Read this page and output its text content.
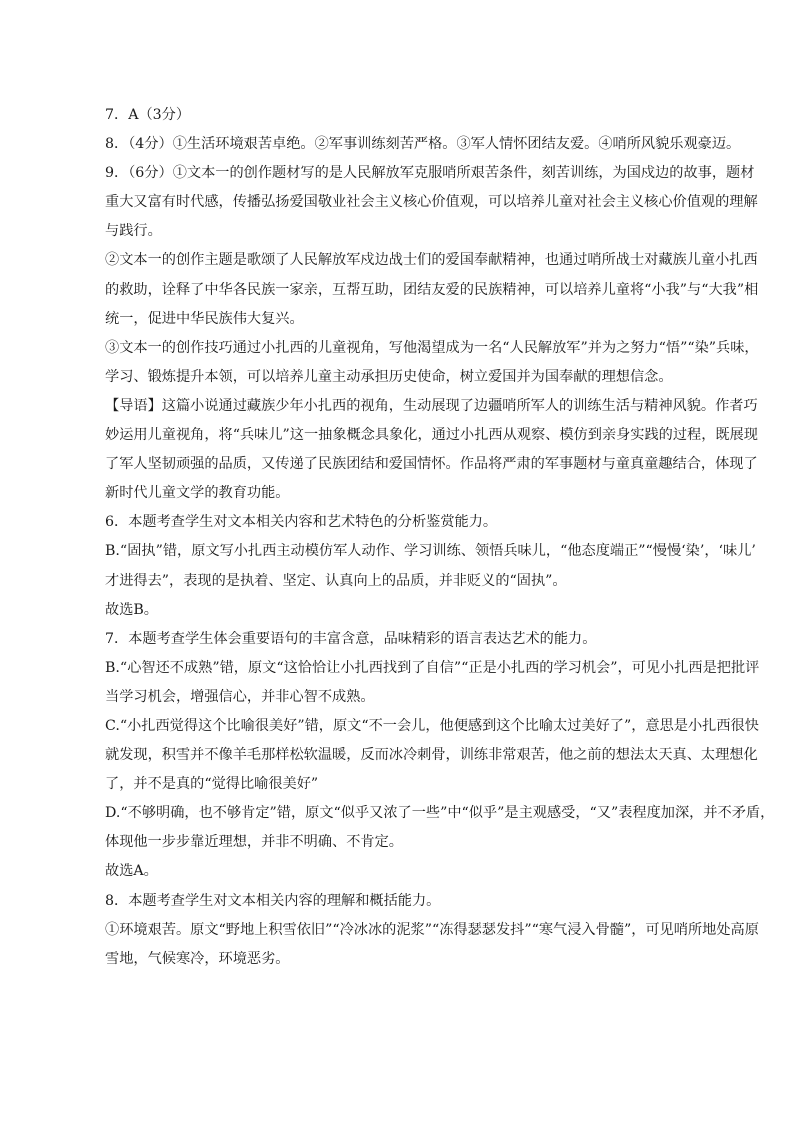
7．A（3分）
8．（4分）①生活环境艰苦卓绝。②军事训练刻苦严格。③军人情怀团结友爱。④哨所风貌乐观豪迈。
9．（6分）①文本一的创作题材写的是人民解放军克服哨所艰苦条件，刻苦训练，为国戍边的故事，题材
重大又富有时代感，传播弘扬爱国敬业社会主义核心价值观，可以培养儿童对社会主义核心价值观的理解
与践行。
②文本一的创作主题是歌颂了人民解放军戍边战士们的爱国奉献精神，也通过哨所战士对藏族儿童小扎西
的救助，诠释了中华各民族一家亲，互帮互助，团结友爱的民族精神，可以培养儿童将“小我”与“大我”相
统一，促进中华民族伟大复兴。
③文本一的创作技巧通过小扎西的儿童视角，写他渴望成为一名“人民解放军”并为之努力“悟”“染”兵味，
学习、锻炼提升本领，可以培养儿童主动承担历史使命，树立爱国并为国奉献的理想信念。
【导语】这篇小说通过藏族少年小扎西的视角，生动展现了边疆哨所军人的训练生活与精神风貌。作者巧
妙运用儿童视角，将“兵味儿”这一抽象概念具象化，通过小扎西从观察、模仿到亲身实践的过程，既展现
了军人坚韧顽强的品质，又传递了民族团结和爱国情怀。作品将严肃的军事题材与童真童趣结合，体现了
新时代儿童文学的教育功能。
6．本题考查学生对文本相关内容和艺术特色的分析鉴赏能力。
B.“固执”错，原文写小扎西主动模仿军人动作、学习训练、领悟兵味儿，“他态度端正”“慢慢‘染’，‘味儿’
才进得去”，表现的是执着、坚定、认真向上的品质，并非贬义的“固执”。
故选B。
7．本题考查学生体会重要语句的丰富含意，品味精彩的语言表达艺术的能力。
B.“心智还不成熟”错，原文“这恰恰让小扎西找到了自信”“正是小扎西的学习机会”，可见小扎西是把批评
当学习机会，增强信心，并非心智不成熟。
C.“小扎西觉得这个比喻很美好”错，原文“不一会儿，他便感到这个比喻太过美好了”，意思是小扎西很快
就发现，积雪并不像羊毛那样松软温暖，反而冰冷刺骨，训练非常艰苦，他之前的想法太天真、太理想化
了，并不是真的“觉得比喻很美好”
D.“不够明确，也不够肯定”错，原文“似乎又浓了一些”中“似乎”是主观感受，“又”表程度加深，并不矛盾，
体现他一步步靠近理想，并非不明确、不肯定。
故选A。
8．本题考查学生对文本相关内容的理解和概括能力。
①环境艰苦。原文“野地上积雪依旧”“冷冰冰的泥浆”“冻得瑟瑟发抖”“寒气浸入骨髓”，可见哨所地处高原
雪地，气候寒冷，环境恶劣。
